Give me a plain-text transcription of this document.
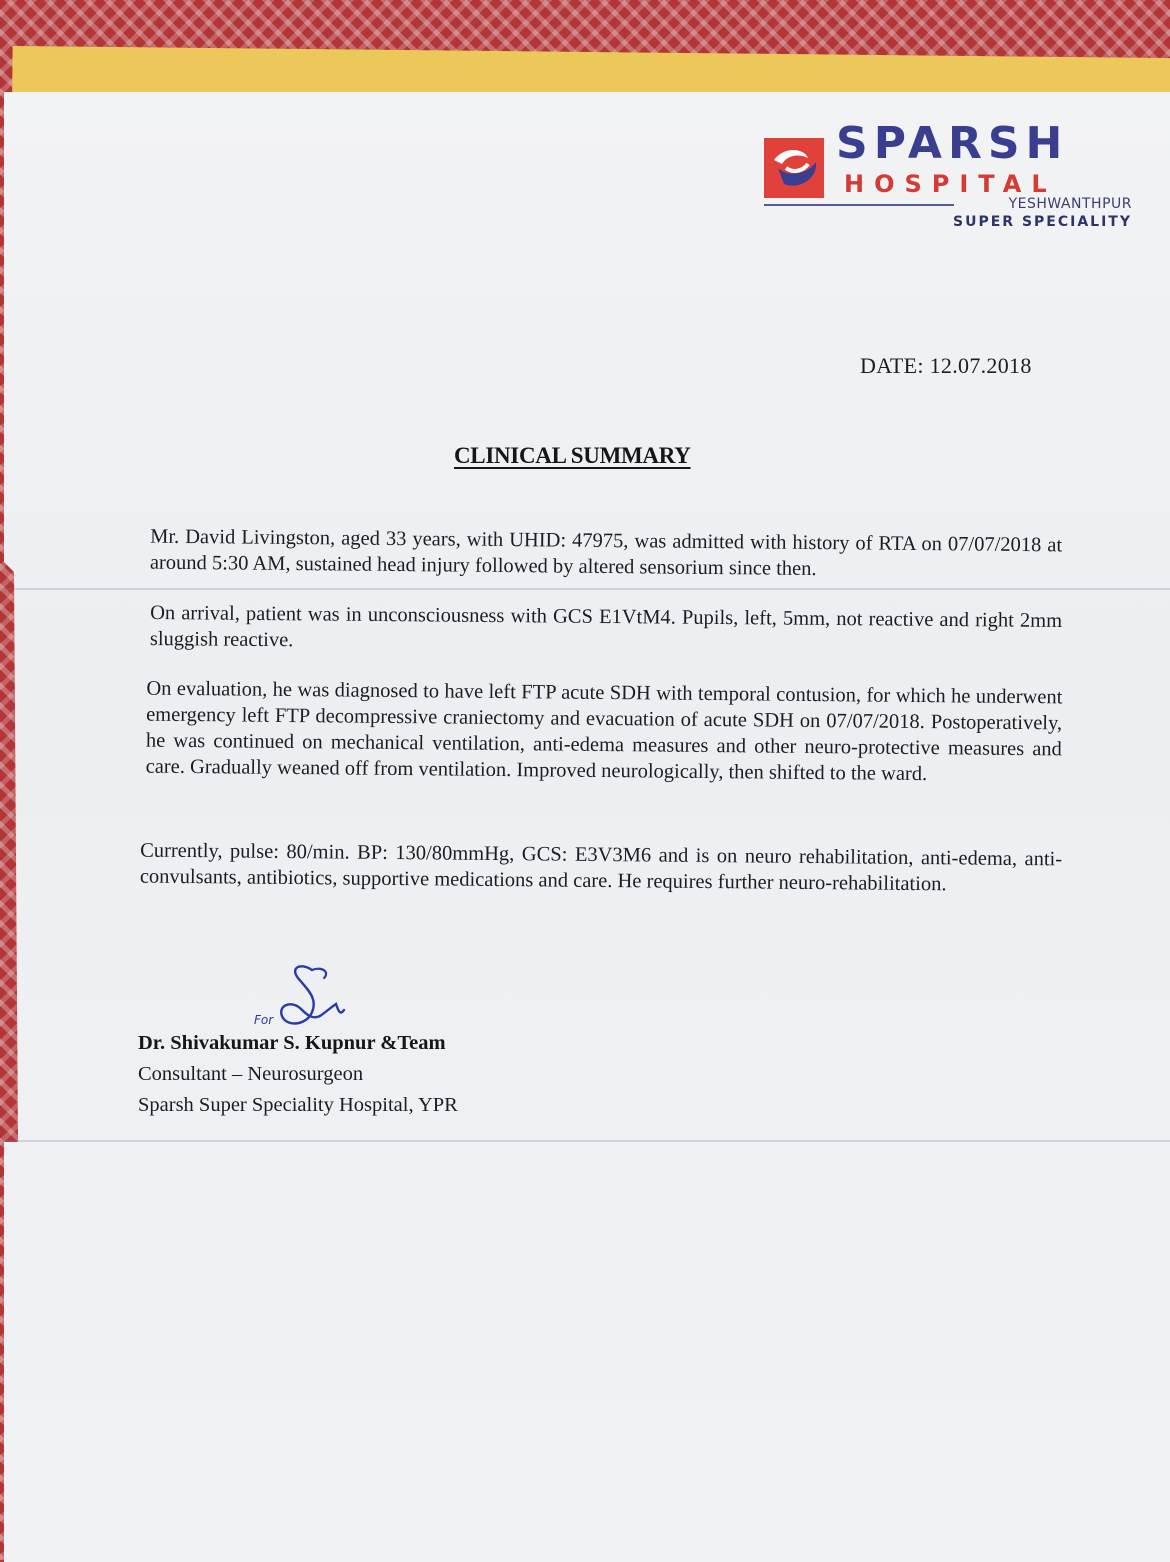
SPARSH
HOSPITAL
YESHWANTHPUR
SUPER SPECIALITY
DATE: 12.07.2018
CLINICAL SUMMARY
Mr. David Livingston, aged 33 years, with UHID: 47975, was admitted with history of RTA on 07/07/2018 at around 5:30 AM, sustained head injury followed by altered sensorium since then.
On arrival, patient was in unconsciousness with GCS E1VtM4. Pupils, left, 5mm, not reactive and right 2mm sluggish reactive.
On evaluation, he was diagnosed to have left FTP acute SDH with temporal contusion, for which he underwent emergency left FTP decompressive craniectomy and evacuation of acute SDH on 07/07/2018. Postoperatively, he was continued on mechanical ventilation, anti-edema measures and other neuro-protective measures and care. Gradually weaned off from ventilation. Improved neurologically, then shifted to the ward.
Currently, pulse: 80/min. BP: 130/80mmHg, GCS: E3V3M6 and is on neuro rehabilitation, anti-edema, anti-convulsants, antibiotics, supportive medications and care. He requires further neuro-rehabilitation.
For
Dr. Shivakumar S. Kupnur &Team
Consultant – Neurosurgeon
Sparsh Super Speciality Hospital, YPR
